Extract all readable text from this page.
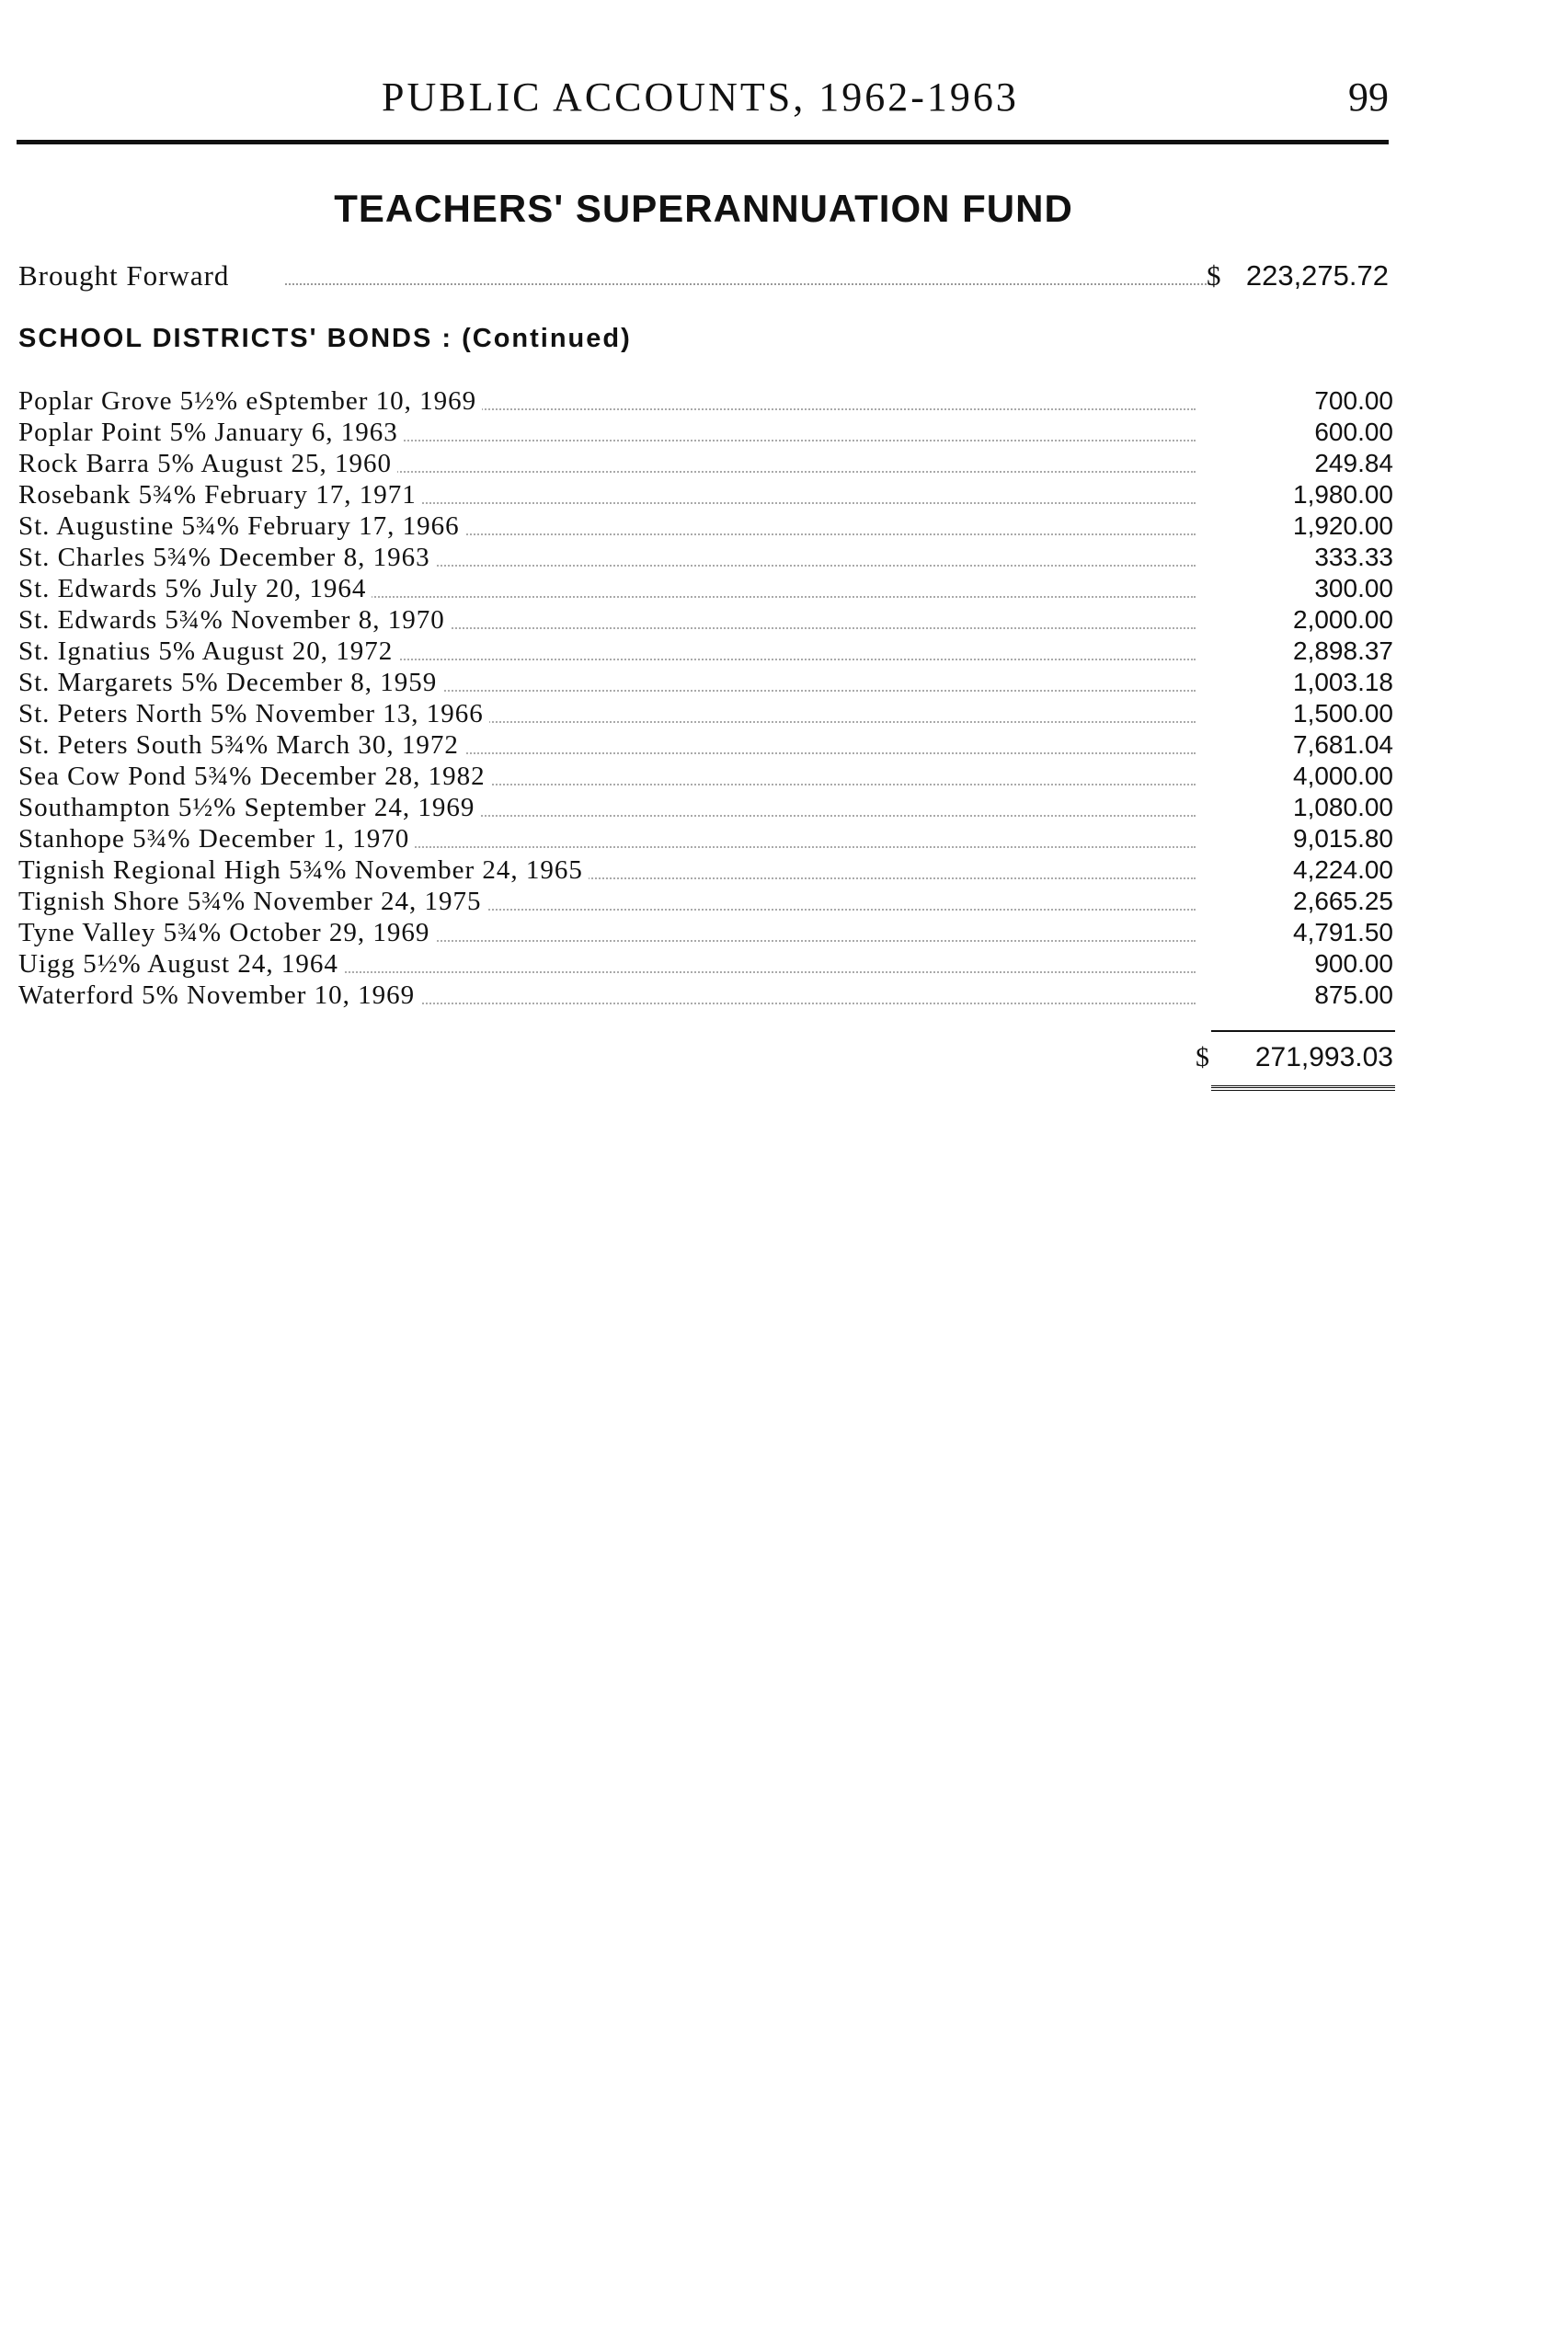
PUBLIC ACCOUNTS, 1962-1963	99
TEACHERS' SUPERANNUATION FUND
Brought Forward	$ 223,275.72
SCHOOL DISTRICTS' BONDS : (Continued)
Poplar Grove 5½% eSptember 10, 1969	700.00
Poplar Point 5% January 6, 1963	600.00
Rock Barra 5% August 25, 1960	249.84
Rosebank 5¾% February 17, 1971	1,980.00
St. Augustine 5¾% February 17, 1966	1,920.00
St. Charles 5¾% December 8, 1963	333.33
St. Edwards 5% July 20, 1964	300.00
St. Edwards 5¾% November 8, 1970	2,000.00
St. Ignatius 5% August 20, 1972	2,898.37
St. Margarets 5% December 8, 1959	1,003.18
St. Peters North 5% November 13, 1966	1,500.00
St. Peters South 5¾% March 30, 1972	7,681.04
Sea Cow Pond 5¾% December 28, 1982	4,000.00
Southampton 5½% September 24, 1969	1,080.00
Stanhope 5¾% December 1, 1970	9,015.80
Tignish Regional High 5¾% November 24, 1965	4,224.00
Tignish Shore 5¾% November 24, 1975	2,665.25
Tyne Valley 5¾% October 29, 1969	4,791.50
Uigg 5½% August 24, 1964	900.00
Waterford 5% November 10, 1969	875.00
$ 271,993.03
